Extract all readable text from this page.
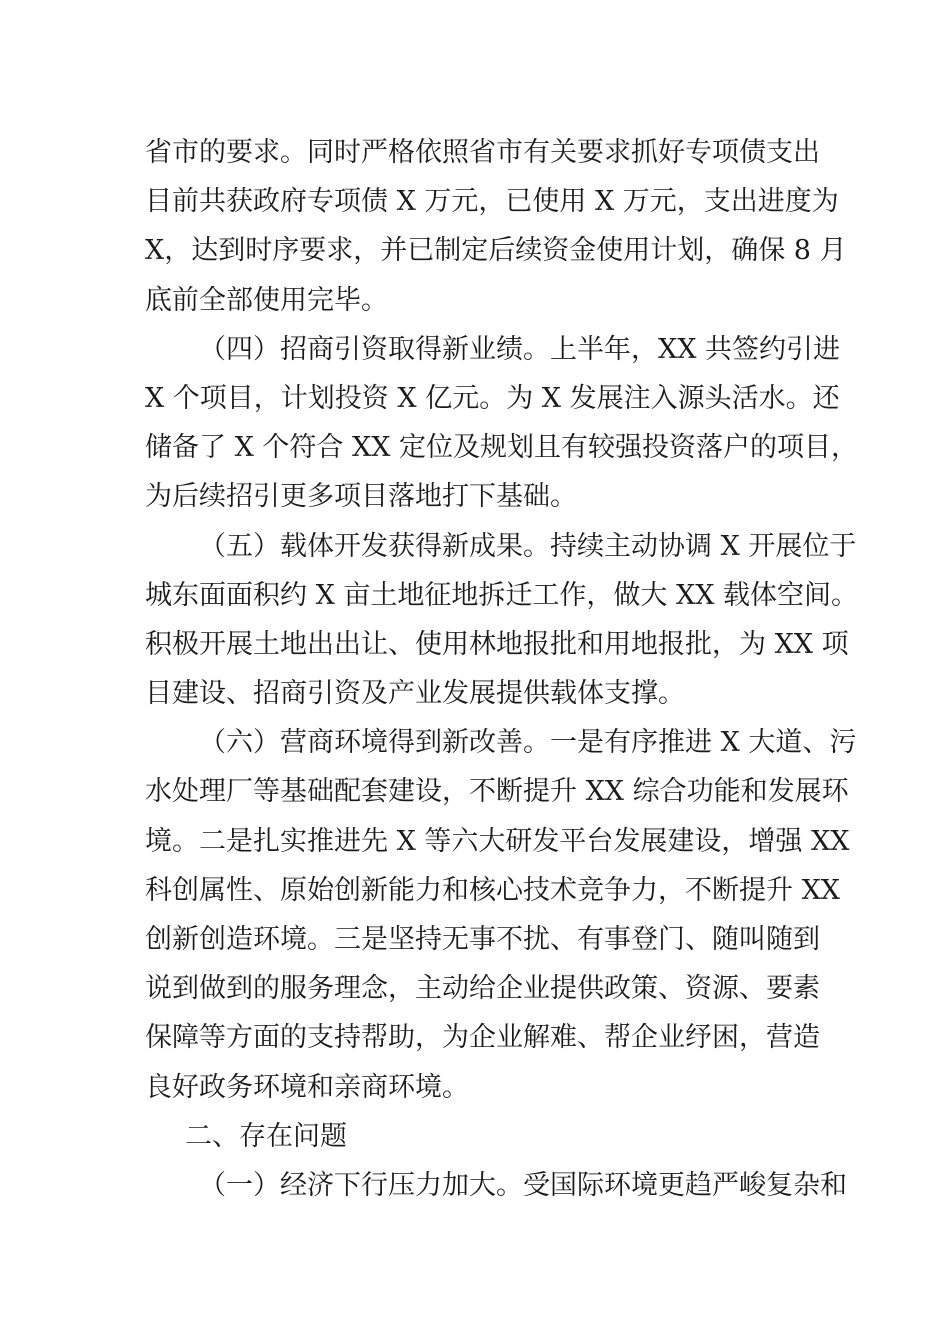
省市的要求。同时严格依照省市有关要求抓好专项债支出
目前共获政府专项债 X 万元，已使用 X 万元，支出进度为
X，达到时序要求，并已制定后续资金使用计划，确保 8 月
底前全部使用完毕。
（四）招商引资取得新业绩。上半年，XX 共签约引进
X 个项目，计划投资 X 亿元。为 X 发展注入源头活水。还
储备了 X 个符合 XX 定位及规划且有较强投资落户的项目，
为后续招引更多项目落地打下基础。
（五）载体开发获得新成果。持续主动协调 X 开展位于
城东面面积约 X 亩土地征地拆迁工作，做大 XX 载体空间。
积极开展土地出出让、使用林地报批和用地报批，为 XX 项
目建设、招商引资及产业发展提供载体支撑。
（六）营商环境得到新改善。一是有序推进 X 大道、污
水处理厂等基础配套建设，不断提升 XX 综合功能和发展环
境。二是扎实推进先 X 等六大研发平台发展建设，增强 XX
科创属性、原始创新能力和核心技术竞争力，不断提升 XX
创新创造环境。三是坚持无事不扰、有事登门、随叫随到
说到做到的服务理念，主动给企业提供政策、资源、要素
保障等方面的支持帮助，为企业解难、帮企业纾困，营造
良好政务环境和亲商环境。
二、存在问题
（一）经济下行压力加大。受国际环境更趋严峻复杂和
